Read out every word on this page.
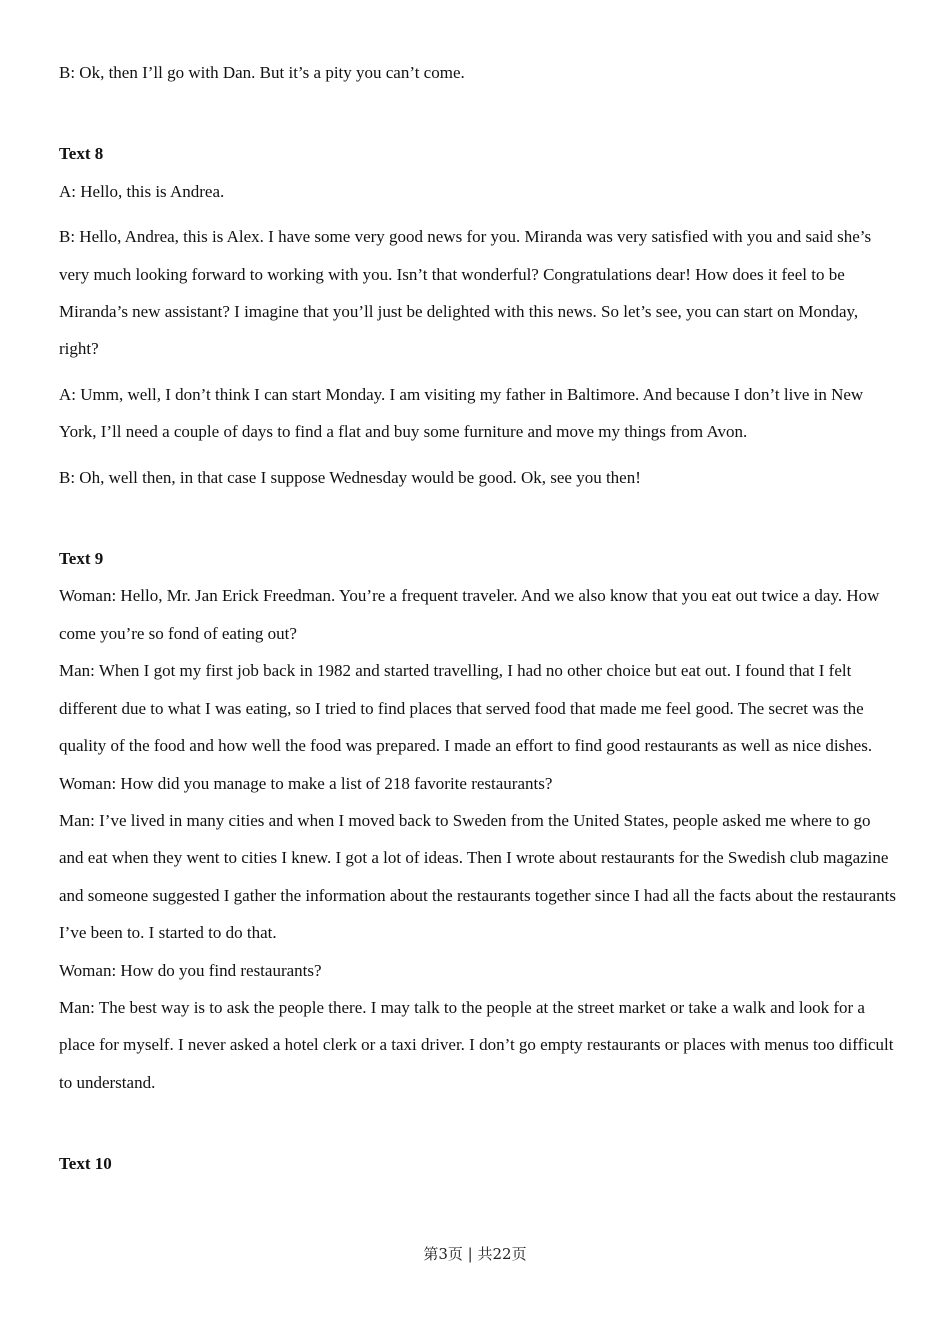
B: Ok, then I’ll go with Dan. But it’s a pity you can’t come.

Text 8

A: Hello, this is Andrea.

B: Hello, Andrea, this is Alex. I have some very good news for you. Miranda was very satisfied with you and said she’s very much looking forward to working with you. Isn’t that wonderful? Congratulations dear! How does it feel to be Miranda’s new assistant? I imagine that you’ll just be delighted with this news. So let’s see, you can start on Monday, right?

A: Umm, well, I don’t think I can start Monday. I am visiting my father in Baltimore. And because I don’t live in New York, I’ll need a couple of days to find a flat and buy some furniture and move my things from Avon.

B: Oh, well then, in that case I suppose Wednesday would be good. Ok, see you then!

Text 9

Woman: Hello, Mr. Jan Erick Freedman. You’re a frequent traveler. And we also know that you eat out twice a day. How come you’re so fond of eating out?

Man: When I got my first job back in 1982 and started travelling, I had no other choice but eat out. I found that I felt different due to what I was eating, so I tried to find places that served food that made me feel good. The secret was the quality of the food and how well the food was prepared. I made an effort to find good restaurants as well as nice dishes.

Woman: How did you manage to make a list of 218 favorite restaurants?

Man: I’ve lived in many cities and when I moved back to Sweden from the United States, people asked me where to go and eat when they went to cities I knew. I got a lot of ideas. Then I wrote about restaurants for the Swedish club magazine and someone suggested I gather the information about the restaurants together since I had all the facts about the restaurants I’ve been to. I started to do that.

Woman: How do you find restaurants?

Man: The best way is to ask the people there. I may talk to the people at the street market or take a walk and look for a place for myself. I never asked a hotel clerk or a taxi driver. I don’t go empty restaurants or places with menus too difficult to understand.

Text 10

第3页 | 共22页
